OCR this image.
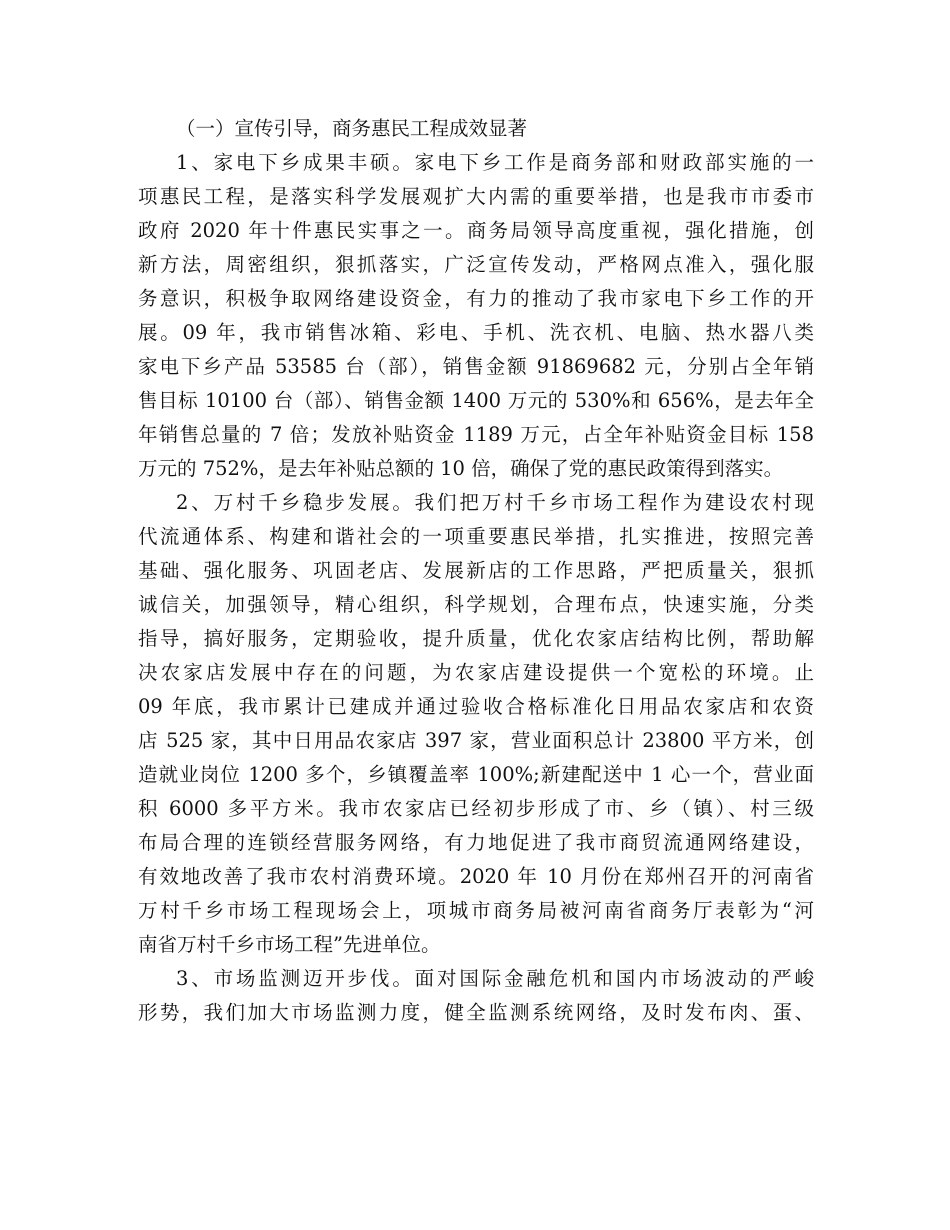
（一）宣传引导，商务惠民工程成效显著

1、家电下乡成果丰硕。家电下乡工作是商务部和财政部实施的一

项惠民工程，是落实科学发展观扩大内需的重要举措，也是我市市委市

政府 2020 年十件惠民实事之一。商务局领导高度重视，强化措施，创

新方法，周密组织，狠抓落实，广泛宣传发动，严格网点准入，强化服

务意识，积极争取网络建设资金，有力的推动了我市家电下乡工作的开

展。09 年，我市销售冰箱、彩电、手机、洗衣机、电脑、热水器八类

家电下乡产品 53585 台（部），销售金额 91869682 元，分别占全年销

售目标 10100 台（部）、销售金额 1400 万元的 530%和 656%，是去年全

年销售总量的 7 倍；发放补贴资金 1189 万元，占全年补贴资金目标 158

万元的 752%，是去年补贴总额的 10 倍，确保了党的惠民政策得到落实。

2、万村千乡稳步发展。我们把万村千乡市场工程作为建设农村现

代流通体系、构建和谐社会的一项重要惠民举措，扎实推进，按照完善

基础、强化服务、巩固老店、发展新店的工作思路，严把质量关，狠抓

诚信关，加强领导，精心组织，科学规划，合理布点，快速实施，分类

指导，搞好服务，定期验收，提升质量，优化农家店结构比例，帮助解

决农家店发展中存在的问题，为农家店建设提供一个宽松的环境。止

09 年底，我市累计已建成并通过验收合格标准化日用品农家店和农资

店 525 家，其中日用品农家店 397 家，营业面积总计 23800 平方米，创

造就业岗位 1200 多个，乡镇覆盖率 100%;新建配送中 1 心一个，营业面

积 6000 多平方米。我市农家店已经初步形成了市、乡（镇）、村三级

布局合理的连锁经营服务网络，有力地促进了我市商贸流通网络建设，

有效地改善了我市农村消费环境。2020 年 10 月份在郑州召开的河南省

万村千乡市场工程现场会上，项城市商务局被河南省商务厅表彰为“河

南省万村千乡市场工程”先进单位。

3、市场监测迈开步伐。面对国际金融危机和国内市场波动的严峻

形势，我们加大市场监测力度，健全监测系统网络，及时发布肉、蛋、
